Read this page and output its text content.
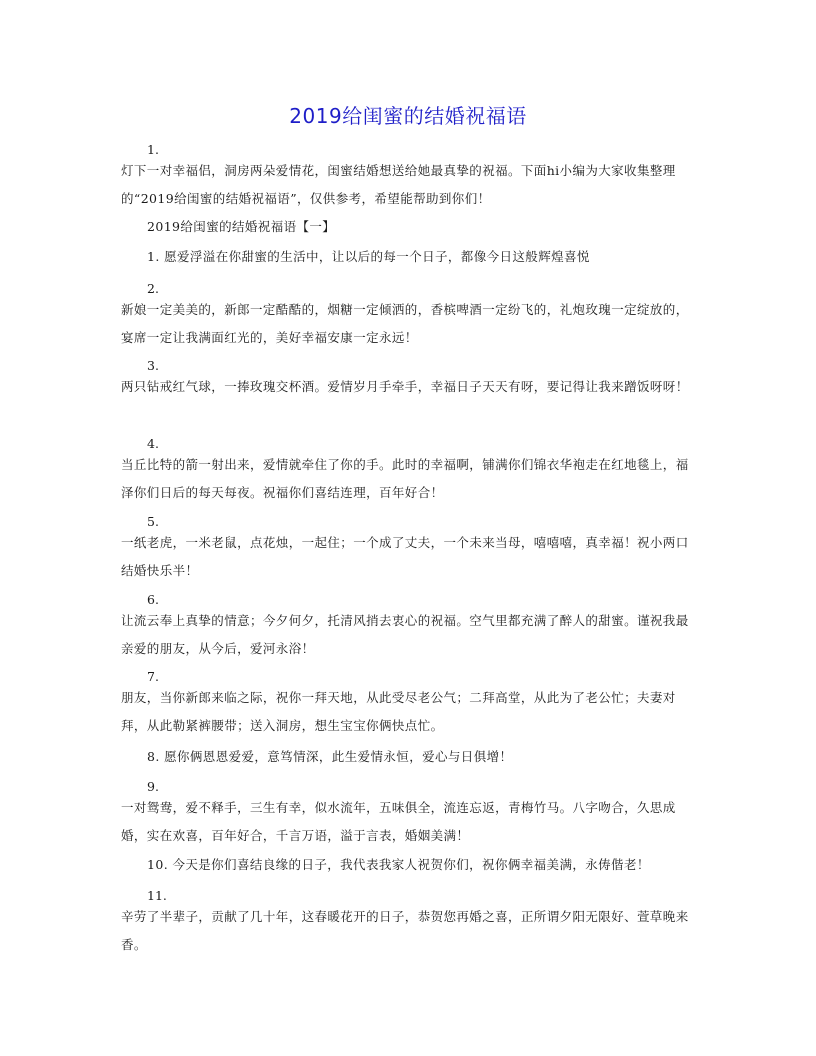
2019给闺蜜的结婚祝福语
1.
灯下一对幸福侣，洞房两朵爱情花，闺蜜结婚想送给她最真挚的祝福。下面hi小编为大家收集整理的“2019给闺蜜的结婚祝福语”，仅供参考，希望能帮助到你们！
2019给闺蜜的结婚祝福语【一】
1. 愿爱浮溢在你甜蜜的生活中，让以后的每一个日子，都像今日这般辉煌喜悦
2.
新娘一定美美的，新郎一定酷酷的，烟糖一定倾洒的，香槟啤酒一定纷飞的，礼炮玫瑰一定绽放的，宴席一定让我满面红光的，美好幸福安康一定永远！
3.
两只钻戒红气球，一捧玫瑰交杯酒。爱情岁月手牵手，幸福日子天天有呀，要记得让我来蹭饭呀呀！
4.
当丘比特的箭一射出来，爱情就牵住了你的手。此时的幸福啊，铺满你们锦衣华袍走在红地毯上，福泽你们日后的每天每夜。祝福你们喜结连理，百年好合！
5.
一纸老虎，一米老鼠，点花烛，一起住；一个成了丈夫，一个未来当母，嘻嘻嘻，真幸福！祝小两口结婚快乐半！
6.
让流云奉上真挚的情意；今夕何夕，托清风捎去衷心的祝福。空气里都充满了醉人的甜蜜。谨祝我最亲爱的朋友，从今后，爱河永浴！
7.
朋友，当你新郎来临之际，祝你一拜天地，从此受尽老公气；二拜高堂，从此为了老公忙；夫妻对拜，从此勒紧裤腰带；送入洞房，想生宝宝你俩快点忙。
8. 愿你俩恩恩爱爱，意笃情深，此生爱情永恒，爱心与日俱增！
9.
一对鸳鸯，爱不释手，三生有幸，似水流年，五味俱全，流连忘返，青梅竹马。八字吻合，久思成婚，实在欢喜，百年好合，千言万语，溢于言表，婚姻美满！
10. 今天是你们喜结良缘的日子，我代表我家人祝贺你们，祝你俩幸福美满，永俦偕老！
11.
辛劳了半辈子，贡献了几十年，这春暖花开的日子，恭贺您再婚之喜，正所谓夕阳无限好、萱草晚来香。
